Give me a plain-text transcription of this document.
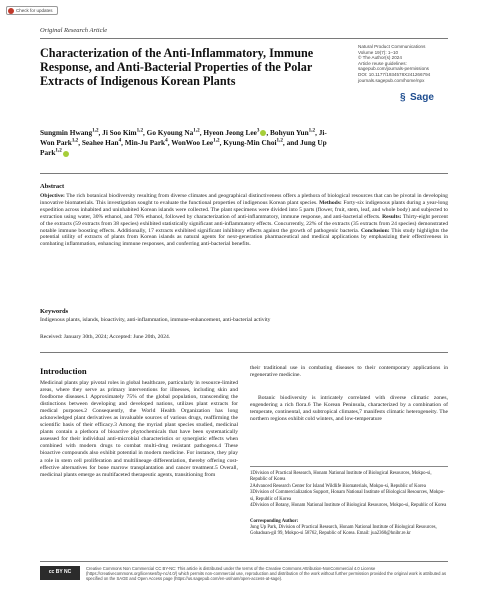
Check for updates
Original Research Article
Characterization of the Anti-Inflammatory, Immune Response, and Anti-Bacterial Properties of the Polar Extracts of Indigenous Korean Plants
Natural Product Communications
Volume 19(7): 1–10
© The Author(s) 2024
Article reuse guidelines:
sagepub.com/journals-permissions
DOI: 10.1177/1934578X241266794
journals.sagepub.com/home/npx
§ Sage
Sungmin Hwang$^{1,2}$, Ji Soo Kim$^{1,2}$, Go Kyoung Na$^{1,2}$, Hyeon Jeong Lee$^3$ , Bohyun Yun$^{1,2}$, Ji-Won Park$^{1,2}$, Seahee Han$^4$, Min-Ju Park$^4$, WonWoo Lee$^{1,2}$, Kyung-Min Choi$^{1,2}$, and Jung Up Park$^{1,2}$
Abstract
Objective: The rich botanical biodiversity resulting from diverse climates and geographical distinctiveness offers a plethora of biological resources that can be pivotal in developing innovative biomaterials. This investigation sought to evaluate the functional properties of indigenous Korean plant species. Methods: Forty-six indigenous plants during a year-long expedition across inhabited and uninhabited Korean islands were collected. The plant specimens were divided into 5 parts (flower, fruit, stem, leaf, and whole body) and subjected to extraction using water, 30% ethanol, and 70% ethanol, followed by characterization of anti-inflammatory, immune response, and anti-bacterial effects. Results: Thirty-eight percent of the extracts (59 extracts from 38 species) exhibited statistically significant anti-inflammatory effects. Concurrently, 22% of the extracts (35 extracts from 24 species) demonstrated notable immune boosting effects. Additionally, 17 extracts exhibited significant inhibitory effects against the growth of pathogenic bacteria. Conclusion: This study highlights the potential utility of extracts of plants from Korean islands as natural agents for next-generation pharmaceutical and medical applications by emphasizing their effectiveness in combating inflammation, enhancing immune responses, and conferring anti-bacterial benefits.
Keywords
Indigenous plants, islands, bioactivity, anti-inflammation, immune-enhancement, anti-bacterial activity
Received: January 30th, 2024; Accepted: June 20th, 2024.
Introduction
Medicinal plants play pivotal roles in global healthcare, particularly in resource-limited areas, where they serve as primary interventions for illnesses, including skin and foodborne diseases.1 Approximately 75% of the global population, transcending the distinctions between developing and developed nations, utilizes plant extracts for medical purposes.2 Consequently, the World Health Organization has long acknowledged plant derivatives as invaluable sources of various drugs, reaffirming the scientific basis of their efficacy.3 Among the myriad plant species studied, medicinal plants contain a plethora of bioactive phytochemicals that have been systematically assessed for their individual anti-microbial characteristics or synergistic effects when combined with modern drugs to combat multi-drug resistant pathogens.4 These bioactive compounds also exhibit potential in modern medicine. For instance, they play a role in stem cell proliferation and multilineage differentiation, thereby offering cost-effective alternatives for bone marrow transplantation and cancer treatment.5 Overall, medicinal plants emerge as multifaceted therapeutic agents, transitioning from
their traditional use in combating diseases to their contemporary applications in regenerative medicine.
Botanic biodiversity is intricately correlated with diverse climatic zones, engendering a rich flora.6 The Korean Peninsula, characterized by a combination of temperate, continental, and subtropical climates,7 manifests climatic heterogeneity. The northern regions exhibit cold winters, and low-temperature
1Division of Practical Research, Honam National Institute of Biological Resources, Mokpo-si, Republic of Korea
2Advanced Research Center for Island Wildlife Biomaterials, Mokpo-si, Republic of Korea
3Division of Commercialization Support, Honam National Institute of Biological Resources, Mokpo-si, Republic of Korea
4Division of Botany, Honam National Institute of Biological Resources, Mokpo-si, Republic of Korea
Corresponding Author:
Jung Up Park, Division of Practical Research, Honam National Institute of Biological Resources, Gohadoan-gil 99, Mokpo-si 58762, Republic of Korea. Email: jua2360@hnibr.re.kr
cc BY NC
Creative Commons Non Commercial CC BY-NC: This article is distributed under the terms of the Creative Commons Attribution-NonCommercial 4.0 License (https://creativecommons.org/licenses/by-nc/4.0/) which permits non-commercial use, reproduction and distribution of the work without further permission provided the original work is attributed as specified on the SAGE and Open Access page (https://us.sagepub.com/en-us/nam/open-access-at-sage).
